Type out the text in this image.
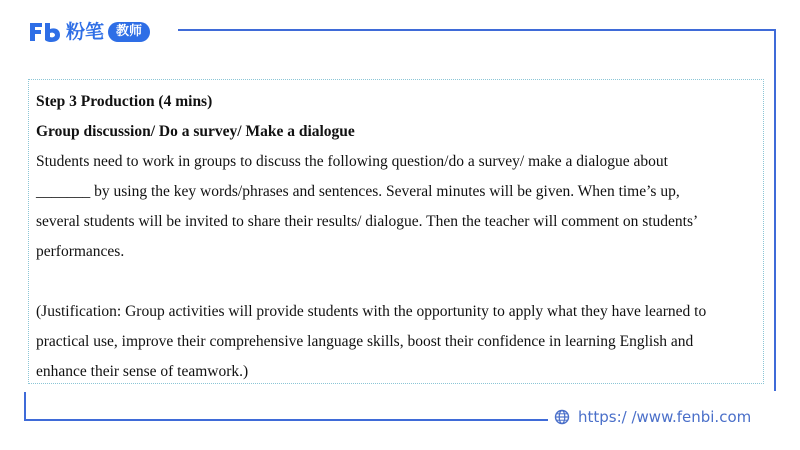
粉笔 教师
Step 3 Production (4 mins)
Group discussion/ Do a survey/ Make a dialogue
Students need to work in groups to discuss the following question/do a survey/ make a dialogue about
_______ by using the key words/phrases and sentences. Several minutes will be given. When time’s up,
several students will be invited to share their results/ dialogue. Then the teacher will comment on students’
performances.
(Justification: Group activities will provide students with the opportunity to apply what they have learned to
practical use, improve their comprehensive language skills, boost their confidence in learning English and
enhance their sense of teamwork.)
https:/ /www.fenbi.com
